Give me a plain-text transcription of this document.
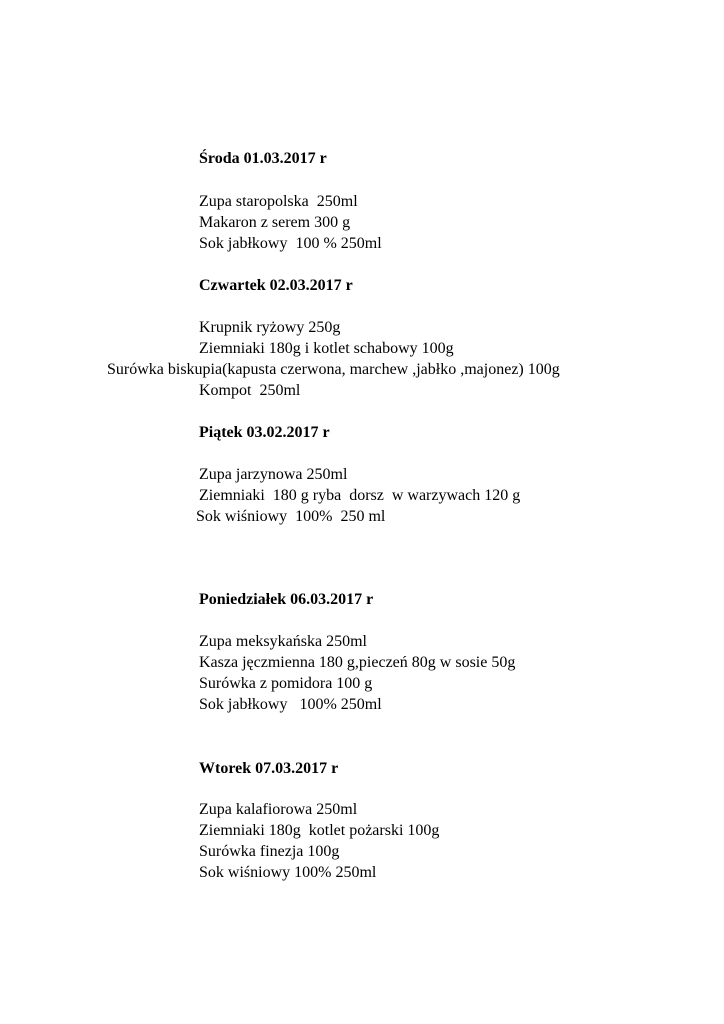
Środa 01.03.2017 r
Zupa staropolska  250ml
Makaron z serem 300 g
Sok jabłkowy  100 % 250ml
Czwartek 02.03.2017 r
Krupnik ryżowy 250g
Ziemniaki 180g i kotlet schabowy 100g
Surówka biskupia(kapusta czerwona, marchew ,jabłko ,majonez) 100g
Kompot  250ml
Piątek 03.02.2017 r
Zupa jarzynowa 250ml
Ziemniaki  180 g ryba  dorsz  w warzywach 120 g
Sok wiśniowy  100%  250 ml
Poniedziałek 06.03.2017 r
Zupa meksykańska 250ml
Kasza jęczmienna 180 g,pieczeń 80g w sosie 50g
Surówka z pomidora 100 g
Sok jabłkowy   100% 250ml
Wtorek 07.03.2017 r
Zupa kalafiorowa 250ml
Ziemniaki 180g  kotlet pożarski 100g
Surówka finezja 100g
Sok wiśniowy 100% 250ml
